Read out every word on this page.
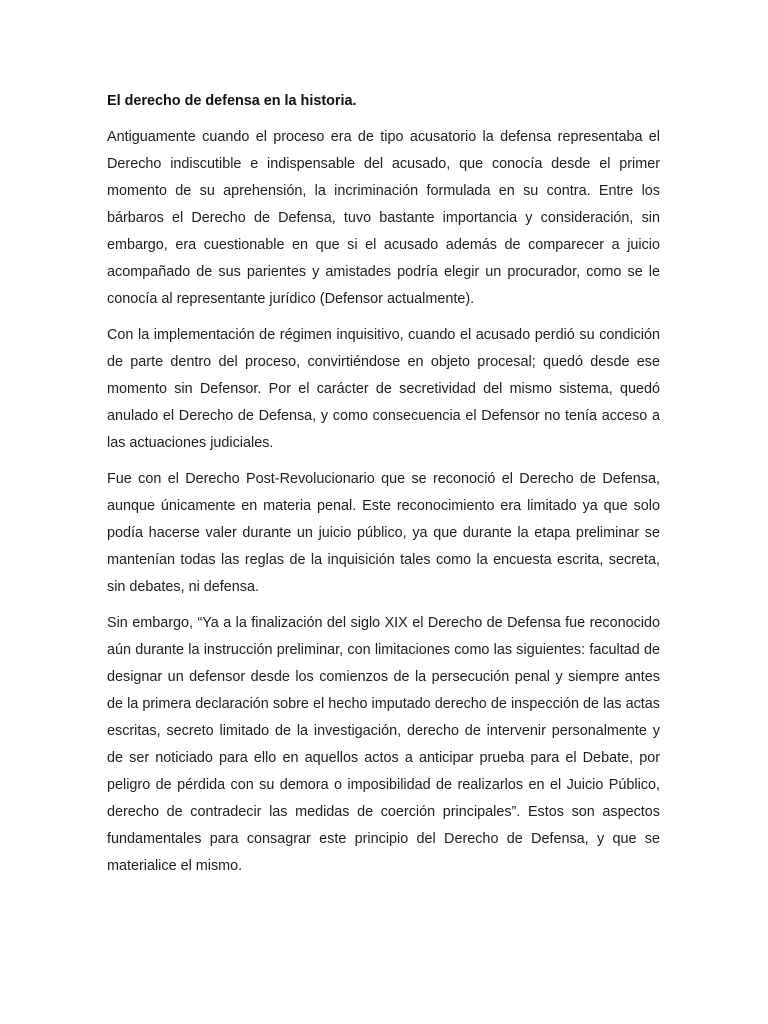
El derecho de defensa en la historia.

Antiguamente cuando el proceso era de tipo acusatorio la defensa representaba el Derecho indiscutible e indispensable del acusado, que conocía desde el primer momento de su aprehensión, la incriminación formulada en su contra. Entre los bárbaros el Derecho de Defensa, tuvo bastante importancia y consideración, sin embargo, era cuestionable en que si el acusado además de comparecer a juicio acompañado de sus parientes y amistades podría elegir un procurador, como se le conocía al representante jurídico (Defensor actualmente).

Con la implementación de régimen inquisitivo, cuando el acusado perdió su condición de parte dentro del proceso, convirtiéndose en objeto procesal; quedó desde ese momento sin Defensor. Por el carácter de secretividad del mismo sistema, quedó anulado el Derecho de Defensa, y como consecuencia el Defensor no tenía acceso a las actuaciones judiciales.

Fue con el Derecho Post-Revolucionario que se reconoció el Derecho de Defensa, aunque únicamente en materia penal. Este reconocimiento era limitado ya que solo podía hacerse valer durante un juicio público, ya que durante la etapa preliminar se mantenían todas las reglas de la inquisición tales como la encuesta escrita, secreta, sin debates, ni defensa.

Sin embargo, “Ya a la finalización del siglo XIX el Derecho de Defensa fue reconocido aún durante la instrucción preliminar, con limitaciones como las siguientes: facultad de designar un defensor desde los comienzos de la persecución penal y siempre antes de la primera declaración sobre el hecho imputado derecho de inspección de las actas escritas, secreto limitado de la investigación, derecho de intervenir personalmente y de ser noticiado para ello en aquellos actos a anticipar prueba para el Debate, por peligro de pérdida con su demora o imposibilidad de realizarlos en el Juicio Público, derecho de contradecir las medidas de coerción principales”. Estos son aspectos fundamentales para consagrar este principio del Derecho de Defensa, y que se materialice el mismo.
